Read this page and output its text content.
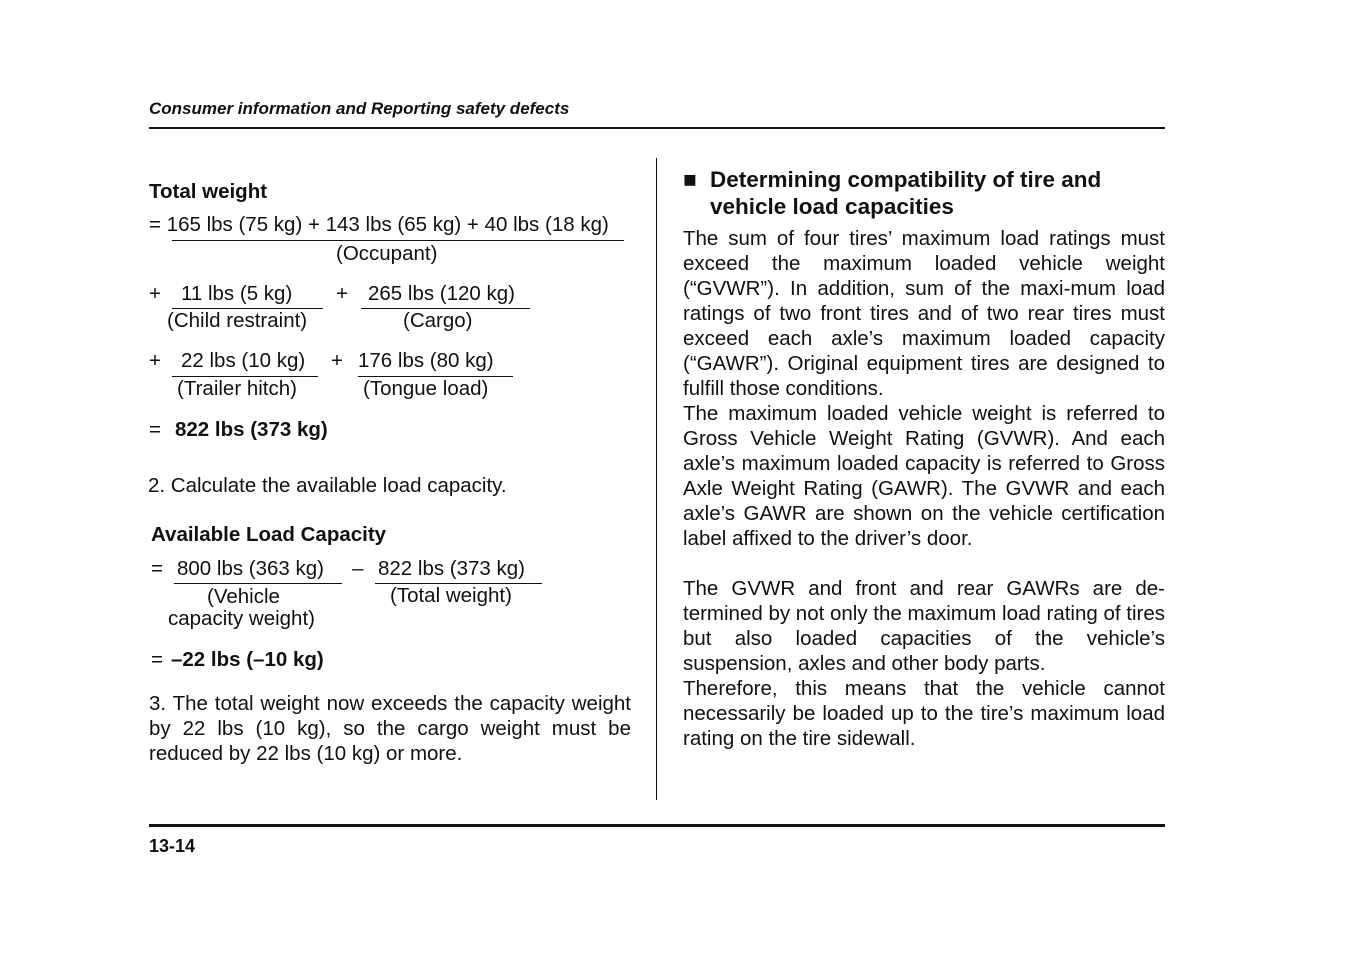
Consumer information and Reporting safety defects
Total weight
= 165 lbs (75 kg) + 143 lbs (65 kg) + 40 lbs (18 kg)
(Occupant)
+ 11 lbs (5 kg)
(Child restraint)
+ 265 lbs (120 kg)
(Cargo)
+ 22 lbs (10 kg)
(Trailer hitch)
+ 176 lbs (80 kg)
(Tongue load)
= 822 lbs (373 kg)
2. Calculate the available load capacity.
Available Load Capacity
= 800 lbs (363 kg) – 822 lbs (373 kg)
(Vehicle
capacity weight)
(Total weight)
= –22 lbs (–10 kg)
3. The total weight now exceeds the capacity weight by 22 lbs (10 kg), so the cargo weight must be reduced by 22 lbs (10 kg) or more.
■ Determining compatibility of tire and vehicle load capacities
The sum of four tires’ maximum load ratings must exceed the maximum loaded vehicle weight (“GVWR”). In addition, sum of the maxi-mum load ratings of two front tires and of two rear tires must exceed each axle’s maximum loaded capacity (“GAWR”). Original equipment tires are designed to fulfill those conditions.
The maximum loaded vehicle weight is referred to Gross Vehicle Weight Rating (GVWR). And each axle’s maximum loaded capacity is referred to Gross Axle Weight Rating (GAWR). The GVWR and each axle’s GAWR are shown on the vehicle certification label affixed to the driver’s door.
The GVWR and front and rear GAWRs are de-termined by not only the maximum load rating of tires but also loaded capacities of the vehicle’s suspension, axles and other body parts.
Therefore, this means that the vehicle cannot necessarily be loaded up to the tire’s maximum load rating on the tire sidewall.
13-14
